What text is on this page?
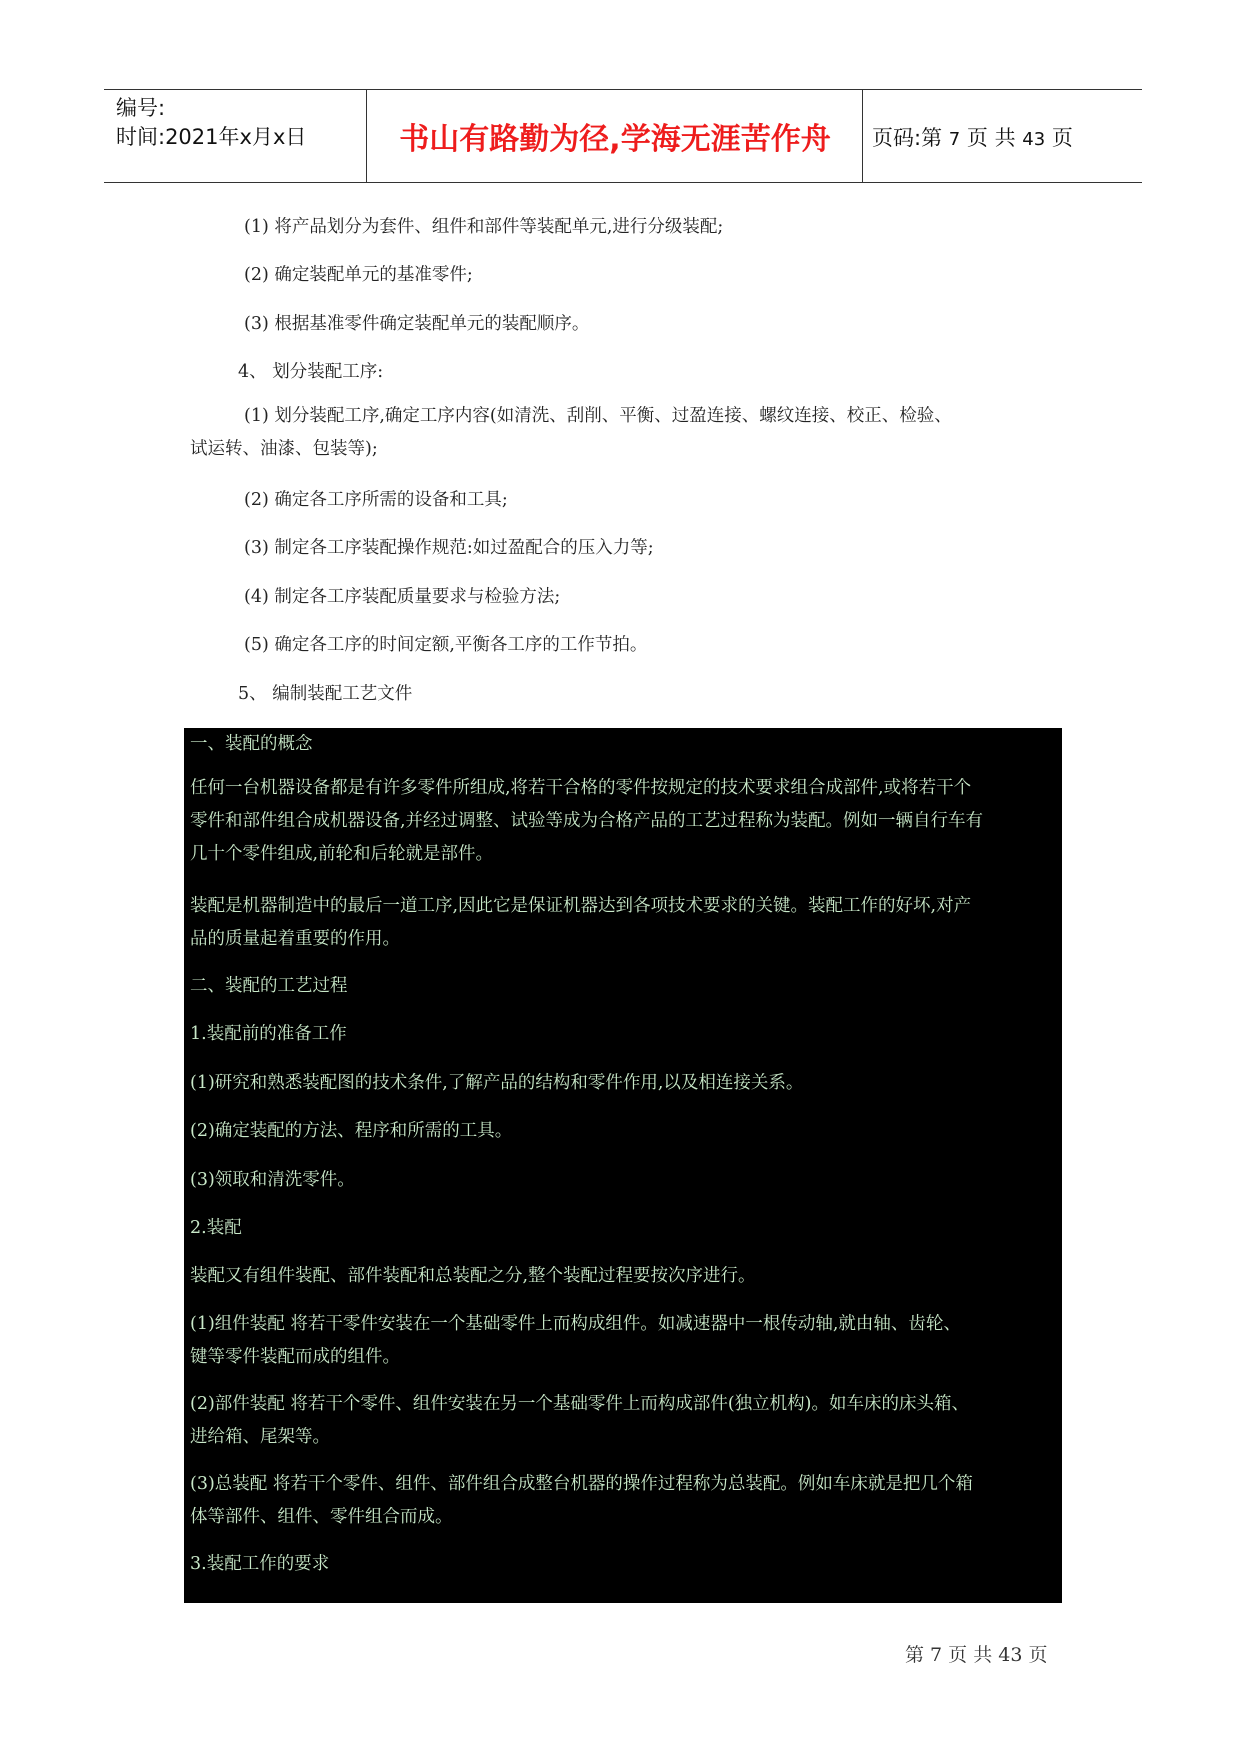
编号:
时间:2021年x月x日	书山有路勤为径,学海无涯苦作舟	页码:第 7 页 共 43 页
(1) 将产品划分为套件、组件和部件等装配单元,进行分级装配;
(2) 确定装配单元的基准零件;
(3) 根据基准零件确定装配单元的装配顺序。
4、 划分装配工序:
(1) 划分装配工序,确定工序内容(如清洗、刮削、平衡、过盈连接、螺纹连接、校正、检验、
试运转、油漆、包装等);
(2) 确定各工序所需的设备和工具;
(3) 制定各工序装配操作规范:如过盈配合的压入力等;
(4) 制定各工序装配质量要求与检验方法;
(5) 确定各工序的时间定额,平衡各工序的工作节拍。
5、 编制装配工艺文件
一、装配的概念
任何一台机器设备都是有许多零件所组成,将若干合格的零件按规定的技术要求组合成部件,或将若干个
零件和部件组合成机器设备,并经过调整、试验等成为合格产品的工艺过程称为装配。例如一辆自行车有
几十个零件组成,前轮和后轮就是部件。
装配是机器制造中的最后一道工序,因此它是保证机器达到各项技术要求的关键。装配工作的好坏,对产
品的质量起着重要的作用。
二、装配的工艺过程
1.装配前的准备工作
(1)研究和熟悉装配图的技术条件,了解产品的结构和零件作用,以及相连接关系。
(2)确定装配的方法、程序和所需的工具。
(3)领取和清洗零件。
2.装配
装配又有组件装配、部件装配和总装配之分,整个装配过程要按次序进行。
(1)组件装配 将若干零件安装在一个基础零件上而构成组件。如减速器中一根传动轴,就由轴、齿轮、
键等零件装配而成的组件。
(2)部件装配 将若干个零件、组件安装在另一个基础零件上而构成部件(独立机构)。如车床的床头箱、
进给箱、尾架等。
(3)总装配 将若干个零件、组件、部件组合成整台机器的操作过程称为总装配。例如车床就是把几个箱
体等部件、组件、零件组合而成。
3.装配工作的要求
第 7 页 共 43 页
